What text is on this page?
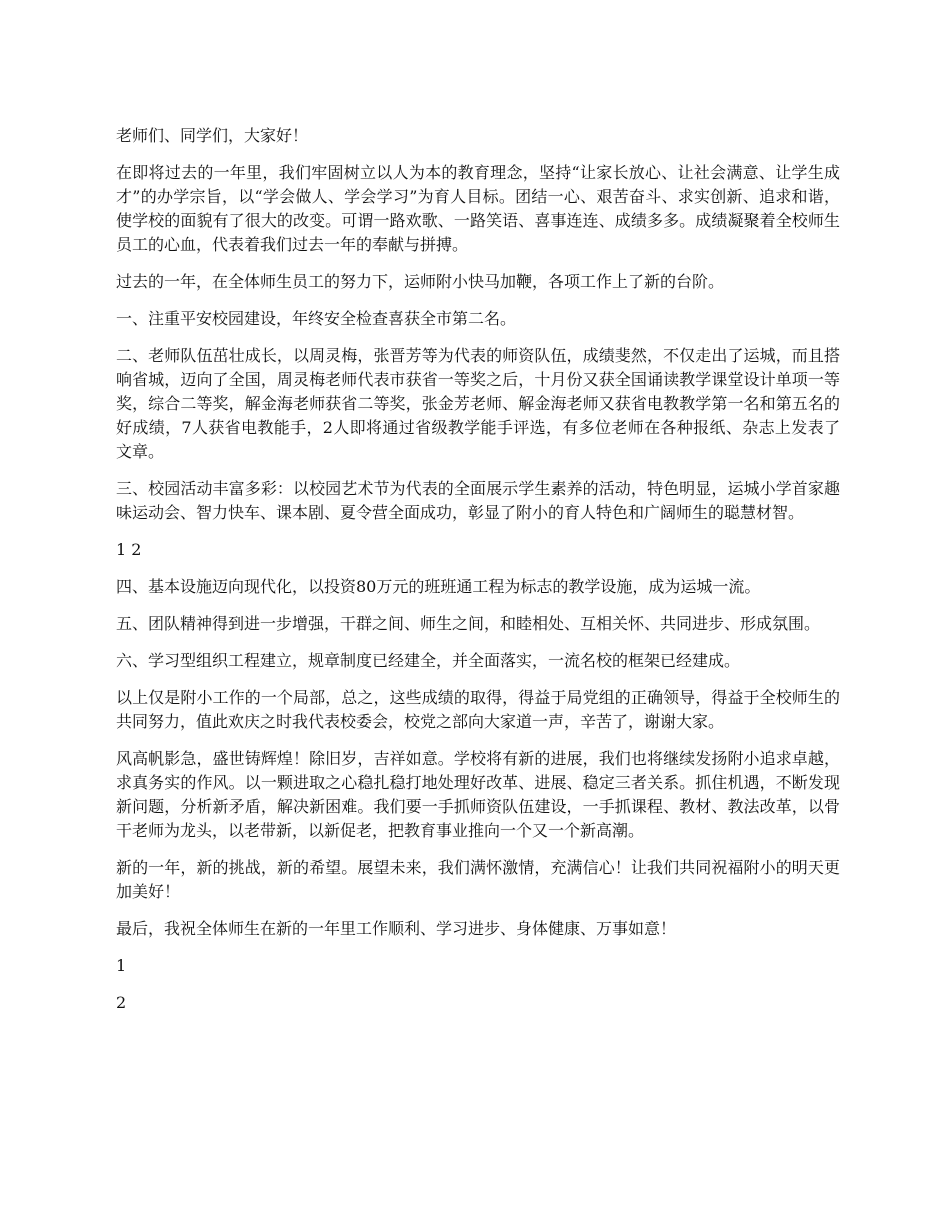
老师们、同学们，大家好！

在即将过去的一年里，我们牢固树立以人为本的教育理念，坚持“让家长放心、让社会满意、让学生成才”的办学宗旨，以“学会做人、学会学习”为育人目标。团结一心、艰苦奋斗、求实创新、追求和谐，使学校的面貌有了很大的改变。可谓一路欢歌、一路笑语、喜事连连、成绩多多。成绩凝聚着全校师生员工的心血，代表着我们过去一年的奉献与拼搏。

过去的一年，在全体师生员工的努力下，运师附小快马加鞭，各项工作上了新的台阶。

一、注重平安校园建设，年终安全检查喜获全市第二名。

二、老师队伍茁壮成长，以周灵梅，张晋芳等为代表的师资队伍，成绩斐然，不仅走出了运城，而且搭响省城，迈向了全国，周灵梅老师代表市获省一等奖之后，十月份又获全国诵读教学课堂设计单项一等奖，综合二等奖，解金海老师获省二等奖，张金芳老师、解金海老师又获省电教教学第一名和第五名的好成绩，7人获省电教能手，2人即将通过省级教学能手评选，有多位老师在各种报纸、杂志上发表了文章。

三、校园活动丰富多彩：以校园艺术节为代表的全面展示学生素养的活动，特色明显，运城小学首家趣味运动会、智力快车、课本剧、夏令营全面成功，彰显了附小的育人特色和广阔师生的聪慧材智。

1 2

四、基本设施迈向现代化，以投资80万元的班班通工程为标志的教学设施，成为运城一流。

五、团队精神得到进一步增强，干群之间、师生之间，和睦相处、互相关怀、共同进步、形成氛围。

六、学习型组织工程建立，规章制度已经建全，并全面落实，一流名校的框架已经建成。

以上仅是附小工作的一个局部，总之，这些成绩的取得，得益于局党组的正确领导，得益于全校师生的共同努力，值此欢庆之时我代表校委会，校党之部向大家道一声，辛苦了，谢谢大家。

风高帆影急，盛世铸辉煌！除旧岁，吉祥如意。学校将有新的进展，我们也将继续发扬附小追求卓越，求真务实的作风。以一颗进取之心稳扎稳打地处理好改革、进展、稳定三者关系。抓住机遇，不断发现新问题，分析新矛盾，解决新困难。我们要一手抓师资队伍建设，一手抓课程、教材、教法改革，以骨干老师为龙头，以老带新，以新促老，把教育事业推向一个又一个新高潮。

新的一年，新的挑战，新的希望。展望未来，我们满怀激情，充满信心！让我们共同祝福附小的明天更加美好！

最后，我祝全体师生在新的一年里工作顺利、学习进步、身体健康、万事如意！

1

2
